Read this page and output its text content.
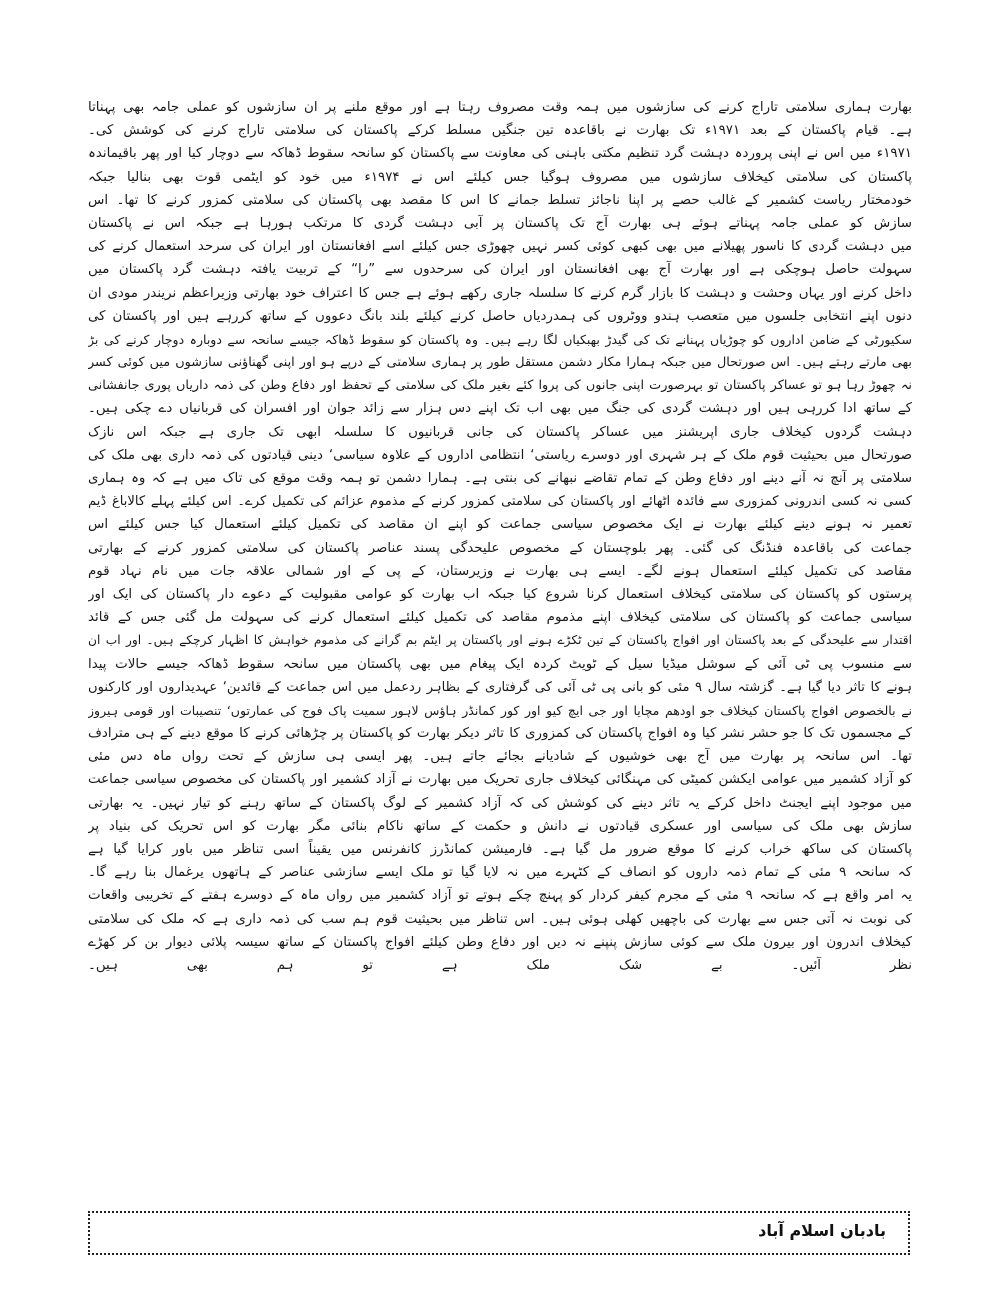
بھارت ہماری سلامتی تاراج کرنے کی سازشوں میں ہمہ وقت مصروف رہتا ہے اور موقع ملنے پر ان سازشوں کو عملی جامہ بھی پہناتا
ہے۔ قیام پاکستان کے بعد ۱۹۷۱ء تک بھارت نے باقاعدہ تین جنگیں مسلط کرکے پاکستان کی سلامتی تاراج کرنے کی کوشش کی۔
۱۹۷۱ء میں اس نے اپنی پروردہ دہشت گرد تنظیم مکتی باہنی کی معاونت سے پاکستان کو سانحہ سقوط ڈھاکہ سے دوچار کیا اور پھر باقیماندہ
پاکستان کی سلامتی کیخلاف سازشوں میں مصروف ہوگیا جس کیلئے اس نے ۱۹۷۴ء میں خود کو ایٹمی قوت بھی بنالیا جبکہ
خودمختار ریاست کشمیر کے غالب حصے پر اپنا ناجائز تسلط جمانے کا اس کا مقصد بھی پاکستان کی سلامتی کمزور کرنے کا تھا۔ اس
سازش کو عملی جامہ پہناتے ہوئے ہی بھارت آج تک پاکستان پر آبی دہشت گردی کا مرتکب ہورہا ہے جبکہ اس نے پاکستان
میں دہشت گردی کا ناسور پھیلانے میں بھی کبھی کوئی کسر نہیں چھوڑی جس کیلئے اسے افغانستان اور ایران کی سرحد استعمال کرنے کی
سہولت حاصل ہوچکی ہے اور بھارت آج بھی افغانستان اور ایران کی سرحدوں سے ”را“ کے تربیت یافتہ دہشت گرد پاکستان میں
داخل کرنے اور یہاں وحشت و دہشت کا بازار گرم کرنے کا سلسلہ جاری رکھے ہوئے ہے جس کا اعتراف خود بھارتی وزیراعظم نریندر مودی ان
دنوں اپنے انتخابی جلسوں میں متعصب ہندو ووٹروں کی ہمدردیاں حاصل کرنے کیلئے بلند بانگ دعووں کے ساتھ کررہے ہیں اور پاکستان کی
سکیورٹی کے ضامن اداروں کو چوڑیاں پہنانے تک کی گیدڑ بھبکیاں لگا رہے ہیں۔ وہ پاکستان کو سقوط ڈھاکہ جیسے سانحہ سے دوبارہ دوچار کرنے کی بڑ
بھی مارتے رہتے ہیں۔ اس صورتحال میں جبکہ ہمارا مکار دشمن مستقل طور پر ہماری سلامتی کے درپے ہو اور اپنی گھناؤنی سازشوں میں کوئی کسر
نہ چھوڑ رہا ہو تو عساکر پاکستان تو بہرصورت اپنی جانوں کی پروا کئے بغیر ملک کی سلامتی کے تحفظ اور دفاع وطن کی ذمہ داریاں پوری جانفشانی
کے ساتھ ادا کررہی ہیں اور دہشت گردی کی جنگ میں بھی اب تک اپنے دس ہزار سے زائد جوان اور افسران کی قربانیاں دے چکی ہیں۔
دہشت گردوں کیخلاف جاری اپریشنز میں عساکر پاکستان کی جانی قربانیوں کا سلسلہ ابھی تک جاری ہے جبکہ اس نازک
صورتحال میں بحیثیت قوم ملک کے ہر شہری اور دوسرے ریاستی‘ انتظامی اداروں کے علاوہ سیاسی‘ دینی قیادتوں کی ذمہ داری بھی ملک کی
سلامتی پر آنچ نہ آنے دینے اور دفاع وطن کے تمام تقاضے نبھانے کی بنتی ہے۔ ہمارا دشمن تو ہمہ وقت موقع کی تاک میں ہے کہ وہ ہماری
کسی نہ کسی اندرونی کمزوری سے فائدہ اٹھائے اور پاکستان کی سلامتی کمزور کرنے کے مذموم عزائم کی تکمیل کرے۔ اس کیلئے پہلے کالاباغ ڈیم
تعمیر نہ ہونے دینے کیلئے بھارت نے ایک مخصوص سیاسی جماعت کو اپنے ان مقاصد کی تکمیل کیلئے استعمال کیا جس کیلئے اس
جماعت کی باقاعدہ فنڈنگ کی گئی۔ پھر بلوچستان کے مخصوص علیحدگی پسند عناصر پاکستان کی سلامتی کمزور کرنے کے بھارتی
مقاصد کی تکمیل کیلئے استعمال ہونے لگے۔ ایسے ہی بھارت نے وزیرستان، کے پی کے اور شمالی علاقہ جات میں نام نہاد قوم
پرستوں کو پاکستان کی سلامتی کیخلاف استعمال کرنا شروع کیا جبکہ اب بھارت کو عوامی مقبولیت کے دعوے دار پاکستان کی ایک اور
سیاسی جماعت کو پاکستان کی سلامتی کیخلاف اپنے مذموم مقاصد کی تکمیل کیلئے استعمال کرنے کی سہولت مل گئی جس کے قائد
اقتدار سے علیحدگی کے بعد پاکستان اور افواج پاکستان کے تین ٹکڑے ہونے اور پاکستان پر ایٹم بم گرانے کی مذموم خواہش کا اظہار کرچکے ہیں۔ اور اب ان
سے منسوب پی ٹی آئی کے سوشل میڈیا سیل کے ٹویٹ کردہ ایک پیغام میں بھی پاکستان میں سانحہ سقوط ڈھاکہ جیسے حالات پیدا
ہونے کا تاثر دیا گیا ہے۔ گزشتہ سال ۹ مئی کو بانی پی ٹی آئی کی گرفتاری کے بظاہر ردعمل میں اس جماعت کے قائدین‘ عہدیداروں اور کارکنوں
نے بالخصوص افواج پاکستان کیخلاف جو اودھم مچایا اور جی ایچ کیو اور کور کمانڈر ہاؤس لاہور سمیت پاک فوج کی عمارتوں‘ تنصیبات اور قومی ہیروز
کے مجسموں تک کا جو حشر نشر کیا وہ افواج پاکستان کی کمزوری کا تاثر دیکر بھارت کو پاکستان پر چڑھائی کرنے کا موقع دینے کے ہی مترادف
تھا۔ اس سانحہ پر بھارت میں آج بھی خوشیوں کے شادیانے بجائے جاتے ہیں۔ پھر ایسی ہی سازش کے تحت رواں ماہ دس مئی
کو آزاد کشمیر میں عوامی ایکشن کمیٹی کی مہنگائی کیخلاف جاری تحریک میں بھارت نے آزاد کشمیر اور پاکستان کی مخصوص سیاسی جماعت
میں موجود اپنے ایجنٹ داخل کرکے یہ تاثر دینے کی کوشش کی کہ آزاد کشمیر کے لوگ پاکستان کے ساتھ رہنے کو تیار نہیں۔ یہ بھارتی
سازش بھی ملک کی سیاسی اور عسکری قیادتوں نے دانش و حکمت کے ساتھ ناکام بنائی مگر بھارت کو اس تحریک کی بنیاد پر
پاکستان کی ساکھ خراب کرنے کا موقع ضرور مل گیا ہے۔ فارمیشن کمانڈرز کانفرنس میں یقیناً اسی تناظر میں باور کرایا گیا ہے
کہ سانحہ ۹ مئی کے تمام ذمہ داروں کو انصاف کے کٹہرے میں نہ لایا گیا تو ملک ایسے سازشی عناصر کے ہاتھوں یرغمال بنا رہے گا۔
یہ امر واقع ہے کہ سانحہ ۹ مئی کے مجرم کیفر کردار کو پہنچ چکے ہوتے تو آزاد کشمیر میں رواں ماہ کے دوسرے ہفتے کے تخریبی واقعات
کی نوبت نہ آتی جس سے بھارت کی باچھیں کھلی ہوئی ہیں۔ اس تناظر میں بحیثیت قوم ہم سب کی ذمہ داری ہے کہ ملک کی سلامتی
کیخلاف اندرون اور بیرون ملک سے کوئی سازش پنپنے نہ دیں اور دفاع وطن کیلئے افواج پاکستان کے ساتھ سیسہ پلائی دیوار بن کر کھڑے
نظر آئیں۔ بے شک ملک ہے تو ہم بھی ہیں۔
بادبان اسلام آباد
